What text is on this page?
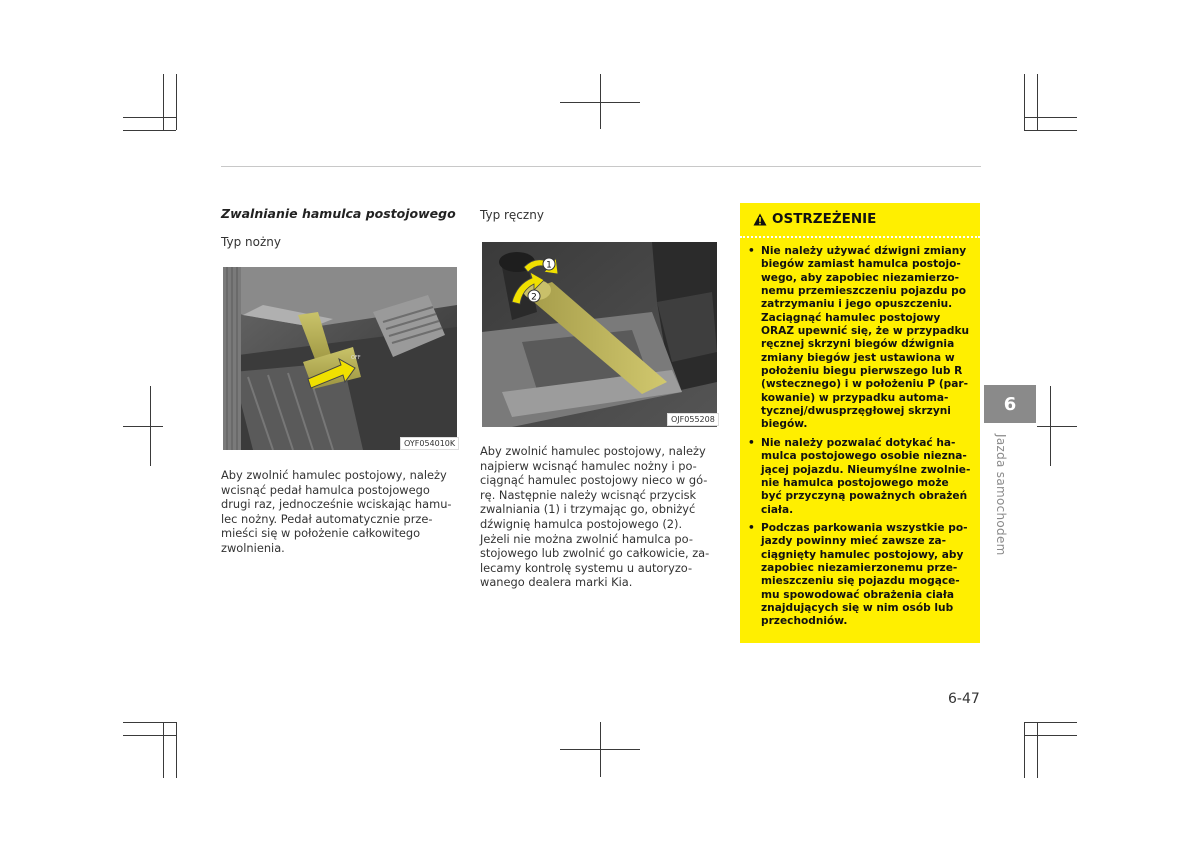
Zwalnianie hamulca postojowego
Typ nożny
OFF
OYF054010K
Aby zwolnić hamulec postojowy, należy
wcisnąć pedał hamulca postojowego
drugi raz, jednocześnie wciskając hamu-
lec nożny. Pedał automatycznie prze-
mieści się w położenie całkowitego
zwolnienia.
Typ ręczny
1
2
OJF055208
Aby zwolnić hamulec postojowy, należy
najpierw wcisnąć hamulec nożny i po-
ciągnąć hamulec postojowy nieco w gó-
rę. Następnie należy wcisnąć przycisk
zwalniania (1) i trzymając go, obniżyć
dźwignię hamulca postojowego (2).
Jeżeli nie można zwolnić hamulca po-
stojowego lub zwolnić go całkowicie, za-
lecamy kontrolę systemu u autoryzo-
wanego dealera marki Kia.
OSTRZEŻENIE
• Nie należy używać dźwigni zmiany
biegów zamiast hamulca postojo-
wego, aby zapobiec niezamierzo-
nemu przemieszczeniu pojazdu po
zatrzymaniu i jego opuszczeniu.
Zaciągnąć hamulec postojowy
ORAZ upewnić się, że w przypadku
ręcznej skrzyni biegów dźwignia
zmiany biegów jest ustawiona w
położeniu biegu pierwszego lub R
(wstecznego) i w położeniu P (par-
kowanie) w przypadku automa-
tycznej/dwusprzęgłowej skrzyni
biegów.
• Nie należy pozwalać dotykać ha-
mulca postojowego osobie niezna-
jącej pojazdu. Nieumyślne zwolnie-
nie hamulca postojowego może
być przyczyną poważnych obrażeń
ciała.
• Podczas parkowania wszystkie po-
jazdy powinny mieć zawsze za-
ciągnięty hamulec postojowy, aby
zapobiec niezamierzonemu prze-
mieszczeniu się pojazdu mogące-
mu spowodować obrażenia ciała
znajdujących się w nim osób lub
przechodniów.
6
Jazda samochodem
6-47
